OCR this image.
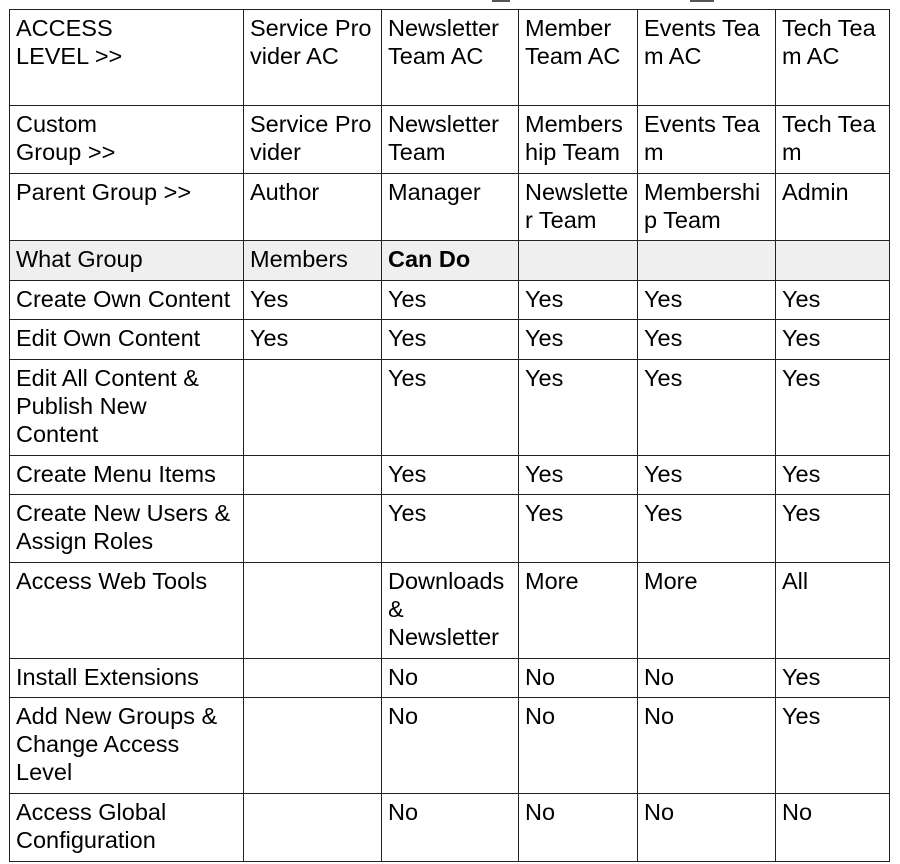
ACCESS LEVEL >>	Service Provider AC	Newsletter Team AC	Member Team AC	Events Team AC	Tech Team AC

Custom Group >>	Service Provider	Newsletter Team	Membership Team	Events Team	Tech Team
Parent Group >>	Author	Manager	Newsletter Team	Membership Team	Admin
What Group	Members	Can Do			
Create Own Content	Yes	Yes	Yes	Yes	Yes
Edit Own Content	Yes	Yes	Yes	Yes	Yes

Edit All Content & Publish New Content		Yes	Yes	Yes	Yes
Create Menu Items		Yes	Yes	Yes	Yes

Create New Users & Assign Roles		Yes	Yes	Yes	Yes
Access Web Tools		Downloads & Newsletter	More	More	All
Install Extensions		No	No	No	Yes

Add New Groups & Change Access Level		No	No	No	Yes

Access Global Configuration		No	No	No	No
